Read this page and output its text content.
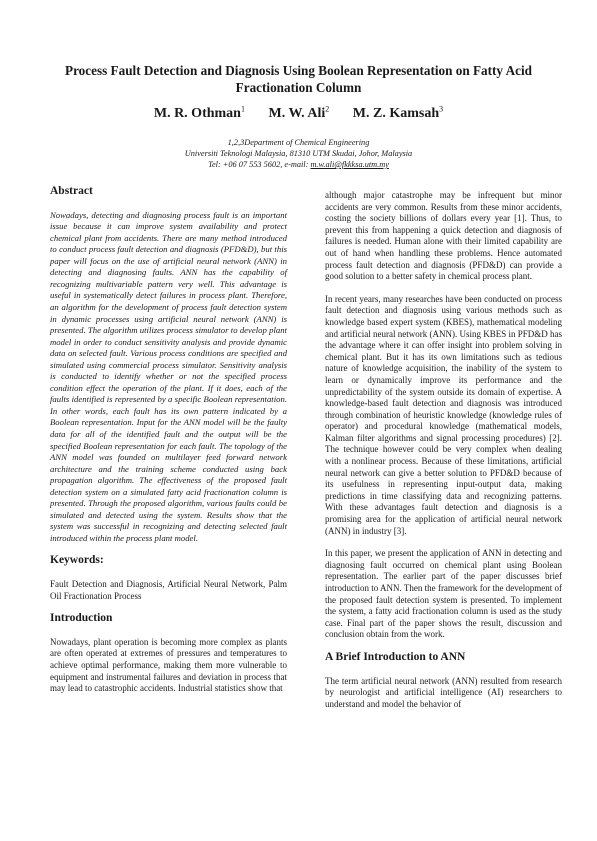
Process Fault Detection and Diagnosis Using Boolean Representation on Fatty Acid Fractionation Column
M. R. Othman$^1$ M. W. Ali$^2$ M. Z. Kamsah$^3$
1,2,3Department of Chemical Engineering
Universiti Teknologi Malaysia, 81310 UTM Skudai, Johor, Malaysia
Tel: +06 07 553 5602, e-mail: m.w.ali@fkkksa.utm.my
Abstract

Nowadays, detecting and diagnosing process fault is an important issue because it can improve system availability and protect chemical plant from accidents. There are many method introduced to conduct process fault detection and diagnosis (PFD&D), but this paper will focus on the use of artificial neural network (ANN) in detecting and diagnosing faults. ANN has the capability of recognizing multivariable pattern very well. This advantage is useful in systematically detect failures in process plant. Therefore, an algorithm for the development of process fault detection system in dynamic processes using artificial neural network (ANN) is presented. The algorithm utilizes process simulator to develop plant model in order to conduct sensitivity analysis and provide dynamic data on selected fault. Various process conditions are specified and simulated using commercial process simulator. Sensitivity analysis is conducted to identify whether or not the specified process condition effect the operation of the plant. If it does, each of the faults identified is represented by a specific Boolean representation. In other words, each fault has its own pattern indicated by a Boolean representation. Input for the ANN model will be the faulty data for all of the identified fault and the output will be the specified Boolean representation for each fault. The topology of the ANN model was founded on multilayer feed forward network architecture and the training scheme conducted using back propagation algorithm. The effectiveness of the proposed fault detection system on a simulated fatty acid fractionation column is presented. Through the proposed algorithm, various faults could be simulated and detected using the system. Results show that the system was successful in recognizing and detecting selected fault introduced within the process plant model.

Keywords:

Fault Detection and Diagnosis, Artificial Neural Network, Palm Oil Fractionation Process

Introduction

Nowadays, plant operation is becoming more complex as plants are often operated at extremes of pressures and temperatures to achieve optimal performance, making them more vulnerable to equipment and instrumental failures and deviation in process that may lead to catastrophic accidents. Industrial statistics show that

although major catastrophe may be infrequent but minor accidents are very common. Results from these minor accidents, costing the society billions of dollars every year [1]. Thus, to prevent this from happening a quick detection and diagnosis of failures is needed. Human alone with their limited capability are out of hand when handling these problems. Hence automated process fault detection and diagnosis (PFD&D) can provide a good solution to a better safety in chemical process plant.

In recent years, many researches have been conducted on process fault detection and diagnosis using various methods such as knowledge based expert system (KBES), mathematical modeling and artificial neural network (ANN). Using KBES in PFD&D has the advantage where it can offer insight into problem solving in chemical plant. But it has its own limitations such as tedious nature of knowledge acquisition, the inability of the system to learn or dynamically improve its performance and the unpredictability of the system outside its domain of expertise. A knowledge-based fault detection and diagnosis was introduced through combination of heuristic knowledge (knowledge rules of operator) and procedural knowledge (mathematical models, Kalman filter algorithms and signal processing procedures) [2]. The technique however could be very complex when dealing with a nonlinear process. Because of these limitations, artificial neural network can give a better solution to PFD&D because of its usefulness in representing input-output data, making predictions in time classifying data and recognizing patterns. With these advantages fault detection and diagnosis is a promising area for the application of artificial neural network (ANN) in industry [3].

In this paper, we present the application of ANN in detecting and diagnosing fault occurred on chemical plant using Boolean representation. The earlier part of the paper discusses brief introduction to ANN. Then the framework for the development of the proposed fault detection system is presented. To implement the system, a fatty acid fractionation column is used as the study case. Final part of the paper shows the result, discussion and conclusion obtain from the work.

A Brief Introduction to ANN

The term artificial neural network (ANN) resulted from research by neurologist and artificial intelligence (AI) researchers to understand and model the behavior of
